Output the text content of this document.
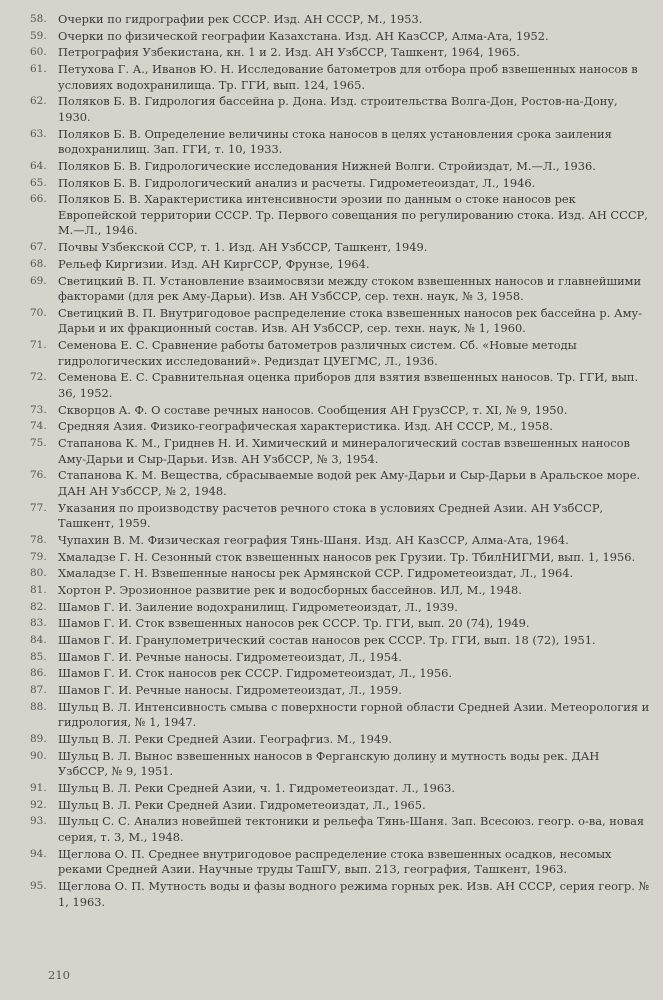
58. Очерки по гидрографии рек СССР. Изд. АН СССР, М., 1953.
59. Очерки по физической географии Казахстана. Изд. АН КазССР, Алма-Ата, 1952.
60. Петрография Узбекистана, кн. 1 и 2. Изд. АН УзбССР, Ташкент, 1964, 1965.
61. Петухова Г. А., Иванов Ю. Н. Исследование батометров для отбора проб взвешенных наносов в условиях водохранилища. Тр. ГГИ, вып. 124, 1965.
62. Поляков Б. В. Гидрология бассейна р. Дона. Изд. строительства Волга-Дон, Ростов-на-Дону, 1930.
63. Поляков Б. В. Определение величины стока наносов в целях установления срока заиления водохранилищ. Зап. ГГИ, т. 10, 1933.
64. Поляков Б. В. Гидрологические исследования Нижней Волги. Стройиздат, М.—Л., 1936.
65. Поляков Б. В. Гидрологический анализ и расчеты. Гидрометеоиздат, Л., 1946.
66. Поляков Б. В. Характеристика интенсивности эрозии по данным о стоке наносов рек Европейской территории СССР. Тр. Первого совещания по регулированию стока. Изд. АН СССР, М.—Л., 1946.
67. Почвы Узбекской ССР, т. 1. Изд. АН УзбССР, Ташкент, 1949.
68. Рельеф Киргизии. Изд. АН КиргССР, Фрунзе, 1964.
69. Светицкий В. П. Установление взаимосвязи между стоком взвешенных наносов и главнейшими факторами (для рек Аму-Дарьи). Изв. АН УзбССР, сер. техн. наук, № 3, 1958.
70. Светицкий В. П. Внутригодовое распределение стока взвешенных наносов рек бассейна р. Аму-Дарьи и их фракционный состав. Изв. АН УзбССР, сер. техн. наук, № 1, 1960.
71. Семенова Е. С. Сравнение работы батометров различных систем. Сб. «Новые методы гидрологических исследований». Редиздат ЦУЕГМС, Л., 1936.
72. Семенова Е. С. Сравнительная оценка приборов для взятия взвешенных наносов. Тр. ГГИ, вып. 36, 1952.
73. Скворцов А. Ф. О составе речных наносов. Сообщения АН ГрузССР, т. XI, № 9, 1950.
74. Средняя Азия. Физико-географическая характеристика. Изд. АН СССР, М., 1958.
75. Стапанова К. М., Гриднев Н. И. Химический и минералогический состав взвешенных наносов Аму-Дарьи и Сыр-Дарьи. Изв. АН УзбССР, № 3, 1954.
76. Стапанова К. М. Вещества, сбрасываемые водой рек Аму-Дарьи и Сыр-Дарьи в Аральское море. ДАН АН УзбССР, № 2, 1948.
77. Указания по производству расчетов речного стока в условиях Средней Азии. АН УзбССР, Ташкент, 1959.
78. Чупахин В. М. Физическая география Тянь-Шаня. Изд. АН КазССР, Алма-Ата, 1964.
79. Хмаладзе Г. Н. Сезонный сток взвешенных наносов рек Грузии. Тр. ТбилНИГМИ, вып. 1, 1956.
80. Хмаладзе Г. Н. Взвешенные наносы рек Армянской ССР. Гидрометеоиздат, Л., 1964.
81. Хортон Р. Эрозионное развитие рек и водосборных бассейнов. ИЛ, М., 1948.
82. Шамов Г. И. Заиление водохранилищ. Гидрометеоиздат, Л., 1939.
83. Шамов Г. И. Сток взвешенных наносов рек СССР. Тр. ГГИ, вып. 20 (74), 1949.
84. Шамов Г. И. Гранулометрический состав наносов рек СССР. Тр. ГГИ, вып. 18 (72), 1951.
85. Шамов Г. И. Речные наносы. Гидрометеоиздат, Л., 1954.
86. Шамов Г. И. Сток наносов рек СССР. Гидрометеоиздат, Л., 1956.
87. Шамов Г. И. Речные наносы. Гидрометеоиздат, Л., 1959.
88. Шульц В. Л. Интенсивность смыва с поверхности горной области Средней Азии. Метеорология и гидрология, № 1, 1947.
89. Шульц В. Л. Реки Средней Азии. Географгиз. М., 1949.
90. Шульц В. Л. Вынос взвешенных наносов в Ферганскую долину и мутность воды рек. ДАН УзбССР, № 9, 1951.
91. Шульц В. Л. Реки Средней Азии, ч. 1. Гидрометеоиздат. Л., 1963.
92. Шульц В. Л. Реки Средней Азии. Гидрометеоиздат, Л., 1965.
93. Шульц С. С. Анализ новейшей тектоники и рельефа Тянь-Шаня. Зап. Всесоюз. геогр. о-ва, новая серия, т. 3, М., 1948.
94. Щеглова О. П. Среднее внутригодовое распределение стока взвешенных осадков, несомых реками Средней Азии. Научные труды ТашГУ, вып. 213, география, Ташкент, 1963.
95. Щеглова О. П. Мутность воды и фазы водного режима горных рек. Изв. АН СССР, серия геогр. № 1, 1963.
210
